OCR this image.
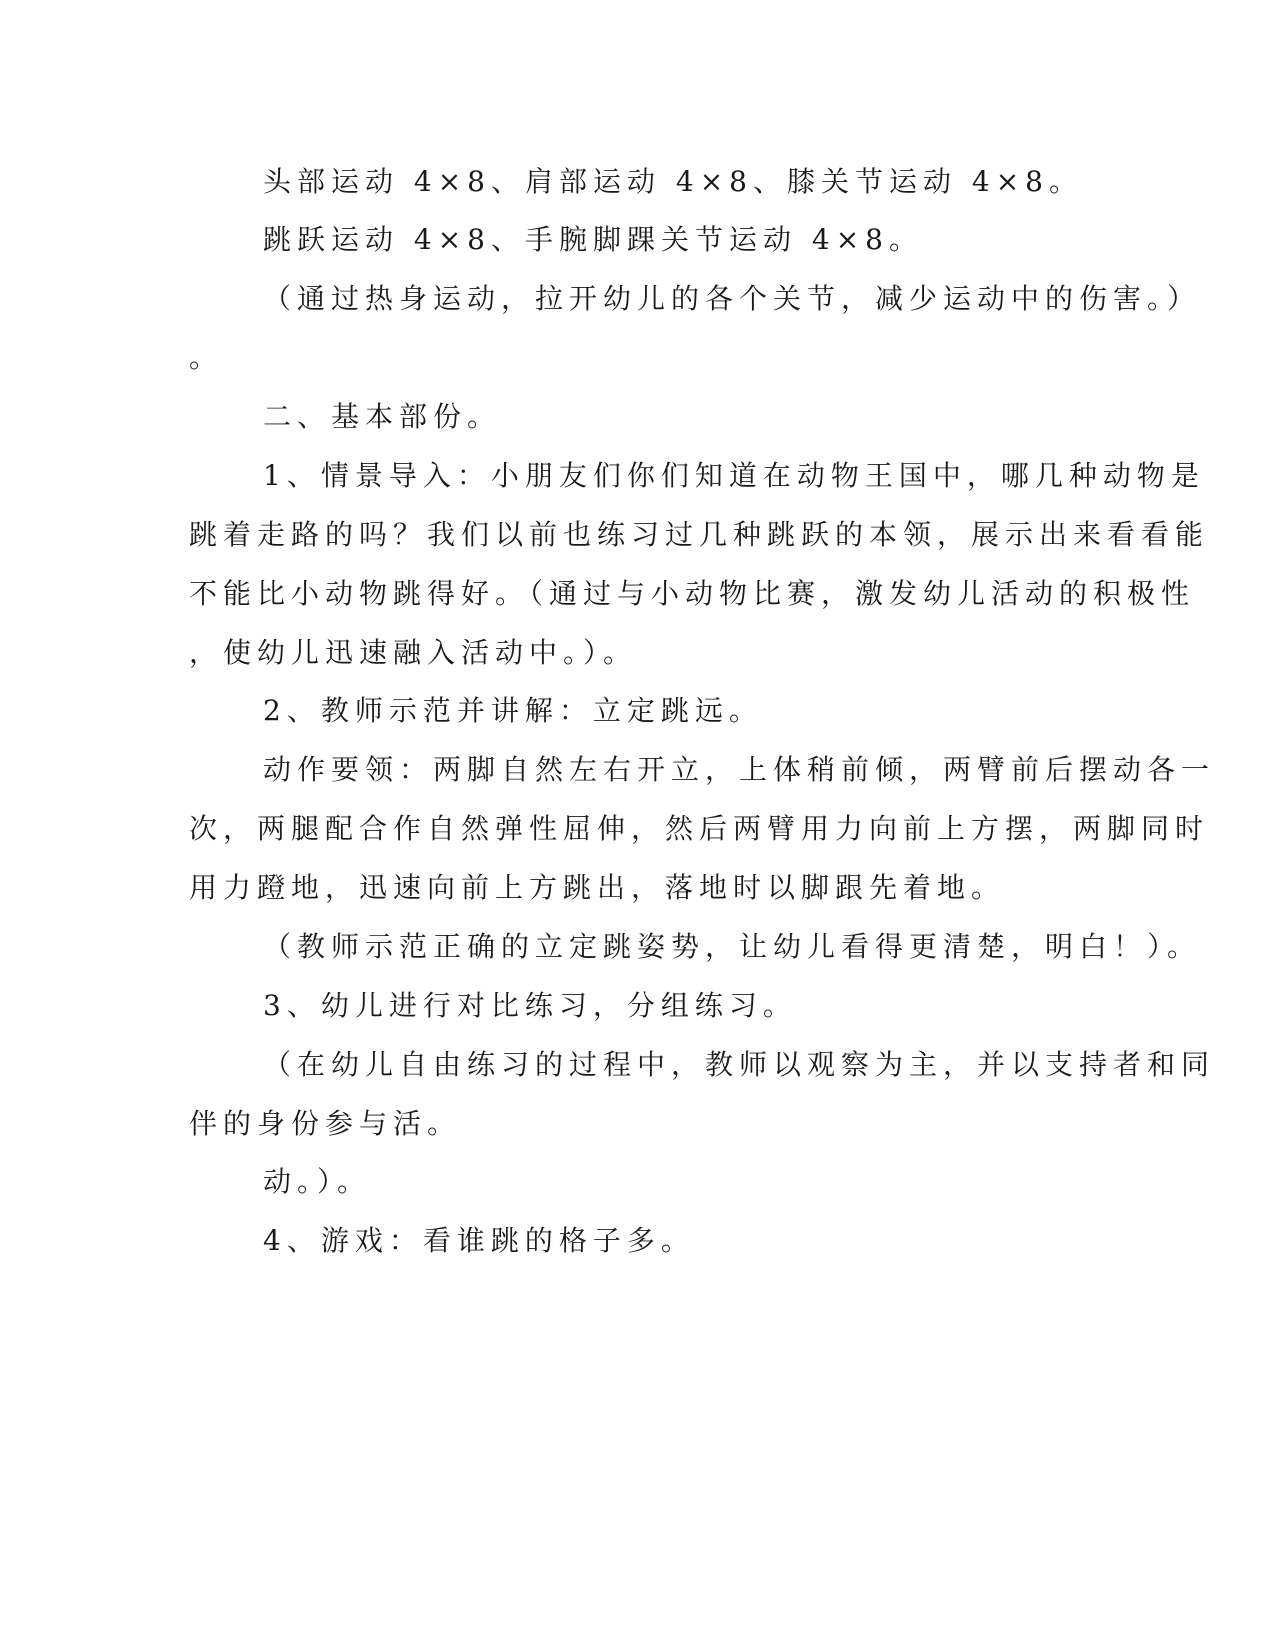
头部运动 4×8、肩部运动 4×8、膝关节运动 4×8。

跳跃运动 4×8、手腕脚踝关节运动 4×8。

（通过热身运动，拉开幼儿的各个关节，减少运动中的伤害。）

。

二、基本部份。

1、情景导入：小朋友们你们知道在动物王国中，哪几种动物是

跳着走路的吗？我们以前也练习过几种跳跃的本领，展示出来看看能

不能比小动物跳得好。（通过与小动物比赛，激发幼儿活动的积极性

，使幼儿迅速融入活动中。）。

2、教师示范并讲解：立定跳远。

动作要领：两脚自然左右开立，上体稍前倾，两臂前后摆动各一

次，两腿配合作自然弹性屈伸，然后两臂用力向前上方摆，两脚同时

用力蹬地，迅速向前上方跳出，落地时以脚跟先着地。

（教师示范正确的立定跳姿势，让幼儿看得更清楚，明白！）。

3、幼儿进行对比练习，分组练习。

（在幼儿自由练习的过程中，教师以观察为主，并以支持者和同

伴的身份参与活。

动。）。

4、游戏：看谁跳的格子多。
